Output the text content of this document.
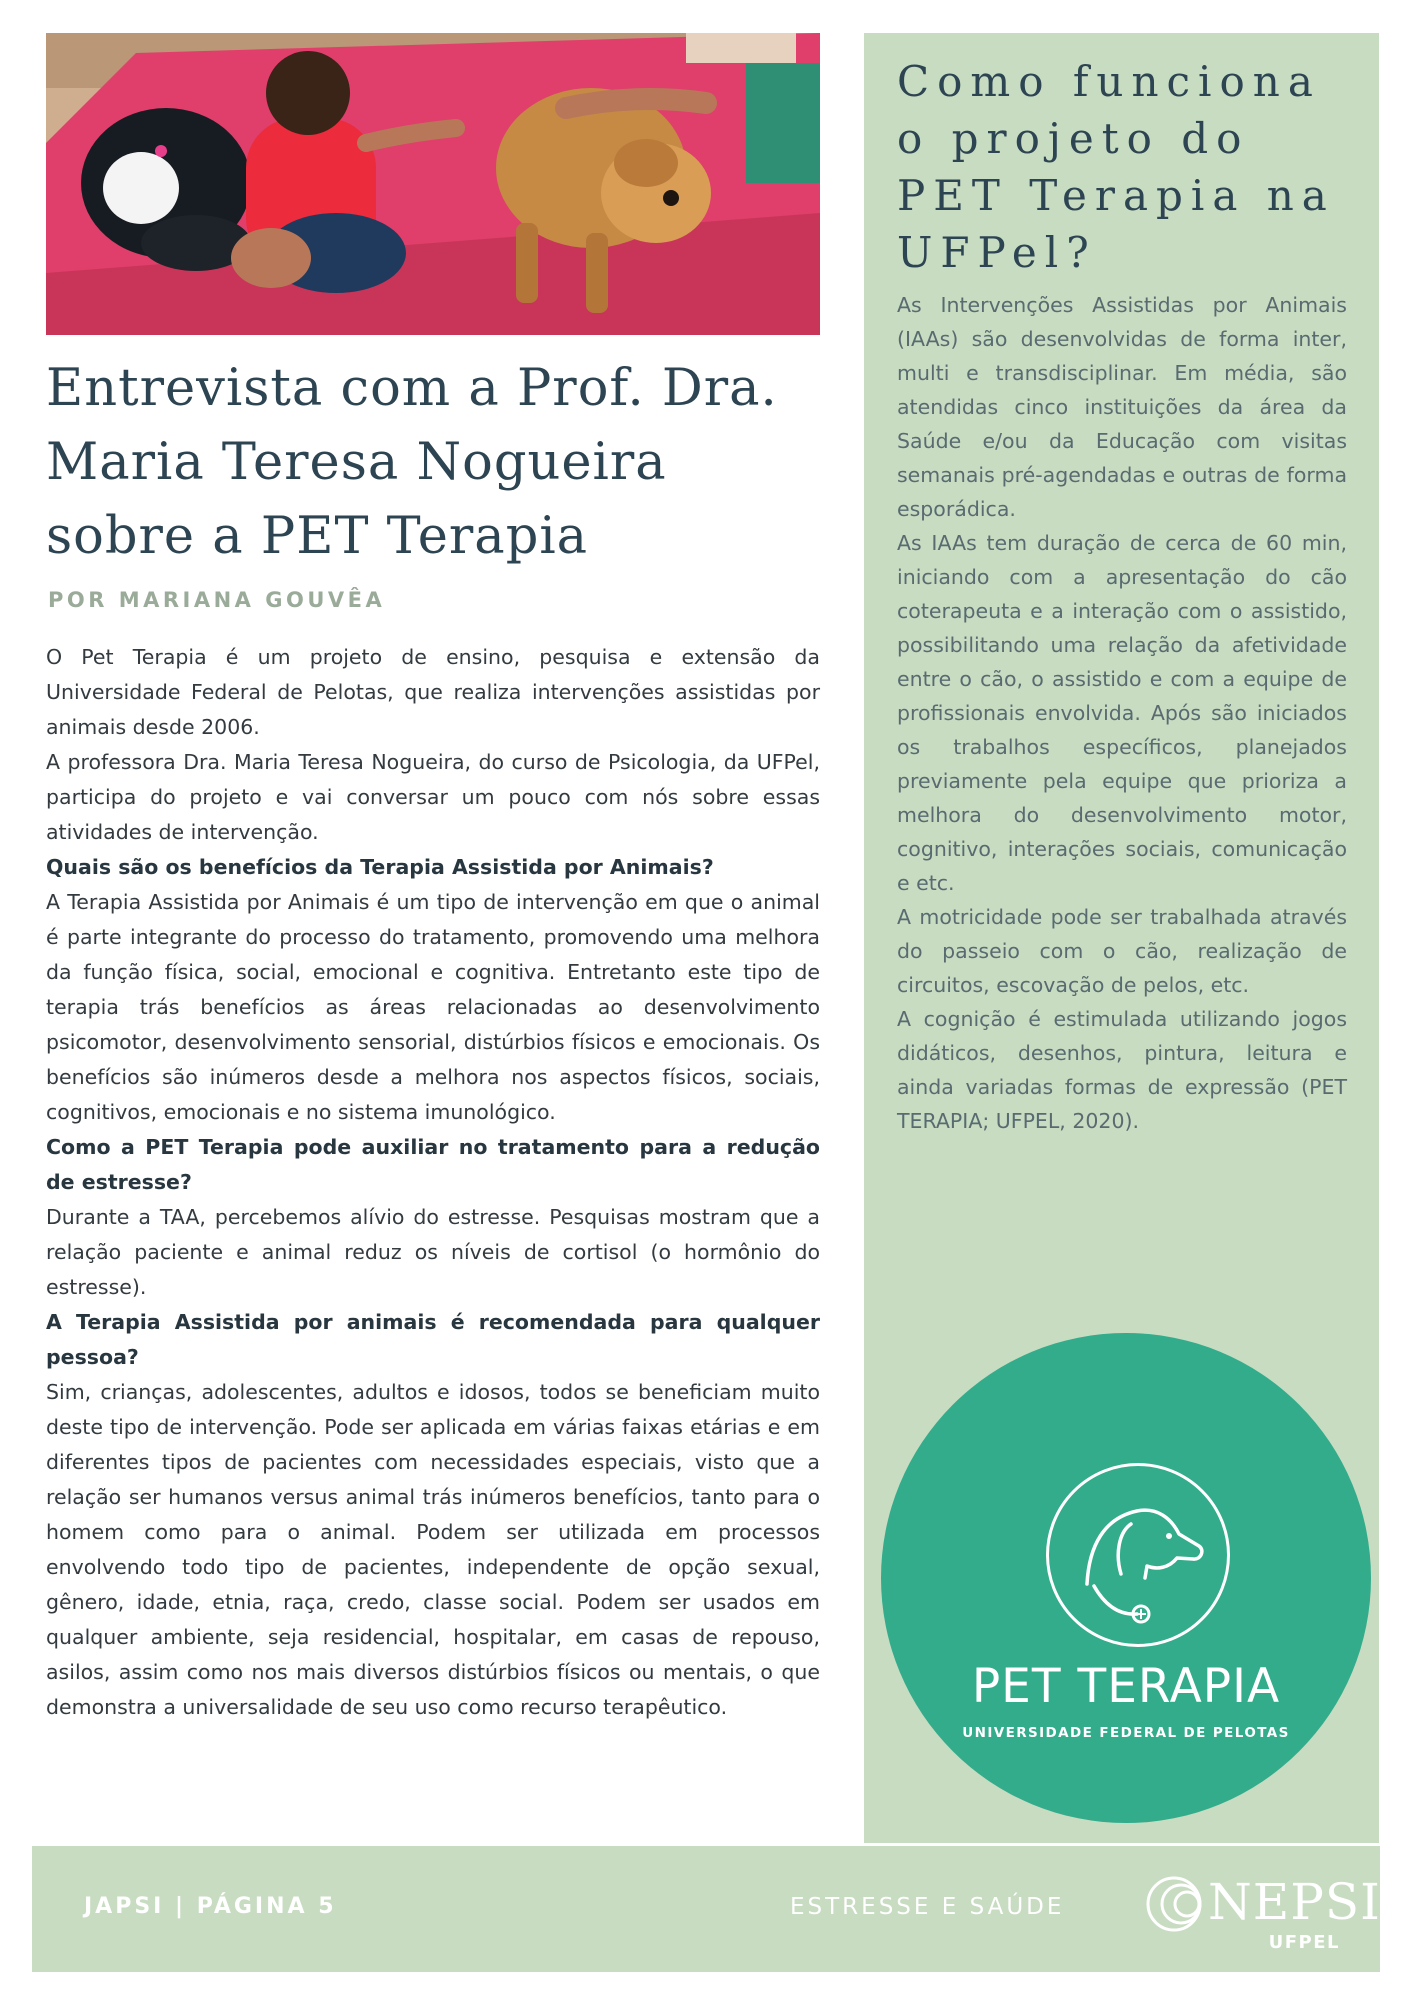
Entrevista com a Prof. Dra. Maria Teresa Nogueira sobre a PET Terapia

POR MARIANA GOUVÊA

O Pet Terapia é um projeto de ensino, pesquisa e extensão da Universidade Federal de Pelotas, que realiza intervenções assistidas por animais desde 2006.

A professora Dra. Maria Teresa Nogueira, do curso de Psicologia, da UFPel, participa do projeto e vai conversar um pouco com nós sobre essas atividades de intervenção.

Quais são os benefícios da Terapia Assistida por Animais?

A Terapia Assistida por Animais é um tipo de intervenção em que o animal é parte integrante do processo do tratamento, promovendo uma melhora da função física, social, emocional e cognitiva. Entretanto este tipo de terapia trás benefícios as áreas relacionadas ao desenvolvimento psicomotor, desenvolvimento sensorial, distúrbios físicos e emocionais. Os benefícios são inúmeros desde a melhora nos aspectos físicos, sociais, cognitivos, emocionais e no sistema imunológico.

Como a PET Terapia pode auxiliar no tratamento para a redução de estresse?

Durante a TAA, percebemos alívio do estresse. Pesquisas mostram que a relação paciente e animal reduz os níveis de cortisol (o hormônio do estresse).

A Terapia Assistida por animais é recomendada para qualquer pessoa?

Sim, crianças, adolescentes, adultos e idosos, todos se beneficiam muito deste tipo de intervenção. Pode ser aplicada em várias faixas etárias e em diferentes tipos de pacientes com necessidades especiais, visto que a relação ser humanos versus animal trás inúmeros benefícios, tanto para o homem como para o animal. Podem ser utilizada em processos envolvendo todo tipo de pacientes, independente de opção sexual, gênero, idade, etnia, raça, credo, classe social. Podem ser usados em qualquer ambiente, seja residencial, hospitalar, em casas de repouso, asilos, assim como nos mais diversos distúrbios físicos ou mentais, o que demonstra a universalidade de seu uso como recurso terapêutico.

Como funciona o projeto do PET Terapia na UFPel?

As Intervenções Assistidas por Animais (IAAs) são desenvolvidas de forma inter, multi e transdisciplinar. Em média, são atendidas cinco instituições da área da Saúde e/ou da Educação com visitas semanais pré-agendadas e outras de forma esporádica.

As IAAs tem duração de cerca de 60 min, iniciando com a apresentação do cão coterapeuta e a interação com o assistido, possibilitando uma relação da afetividade entre o cão, o assistido e com a equipe de profissionais envolvida. Após são iniciados os trabalhos específicos, planejados previamente pela equipe que prioriza a melhora do desenvolvimento motor, cognitivo, interações sociais, comunicação e etc.

A motricidade pode ser trabalhada através do passeio com o cão, realização de circuitos, escovação de pelos, etc.

A cognição é estimulada utilizando jogos didáticos, desenhos, pintura, leitura e ainda variadas formas de expressão (PET TERAPIA; UFPEL, 2020).

PET TERAPIA
UNIVERSIDADE FEDERAL DE PELOTAS
JAPSI | PÁGINA 5	ESTRESSE E SAÚDE	NEPSI
UFPEL
